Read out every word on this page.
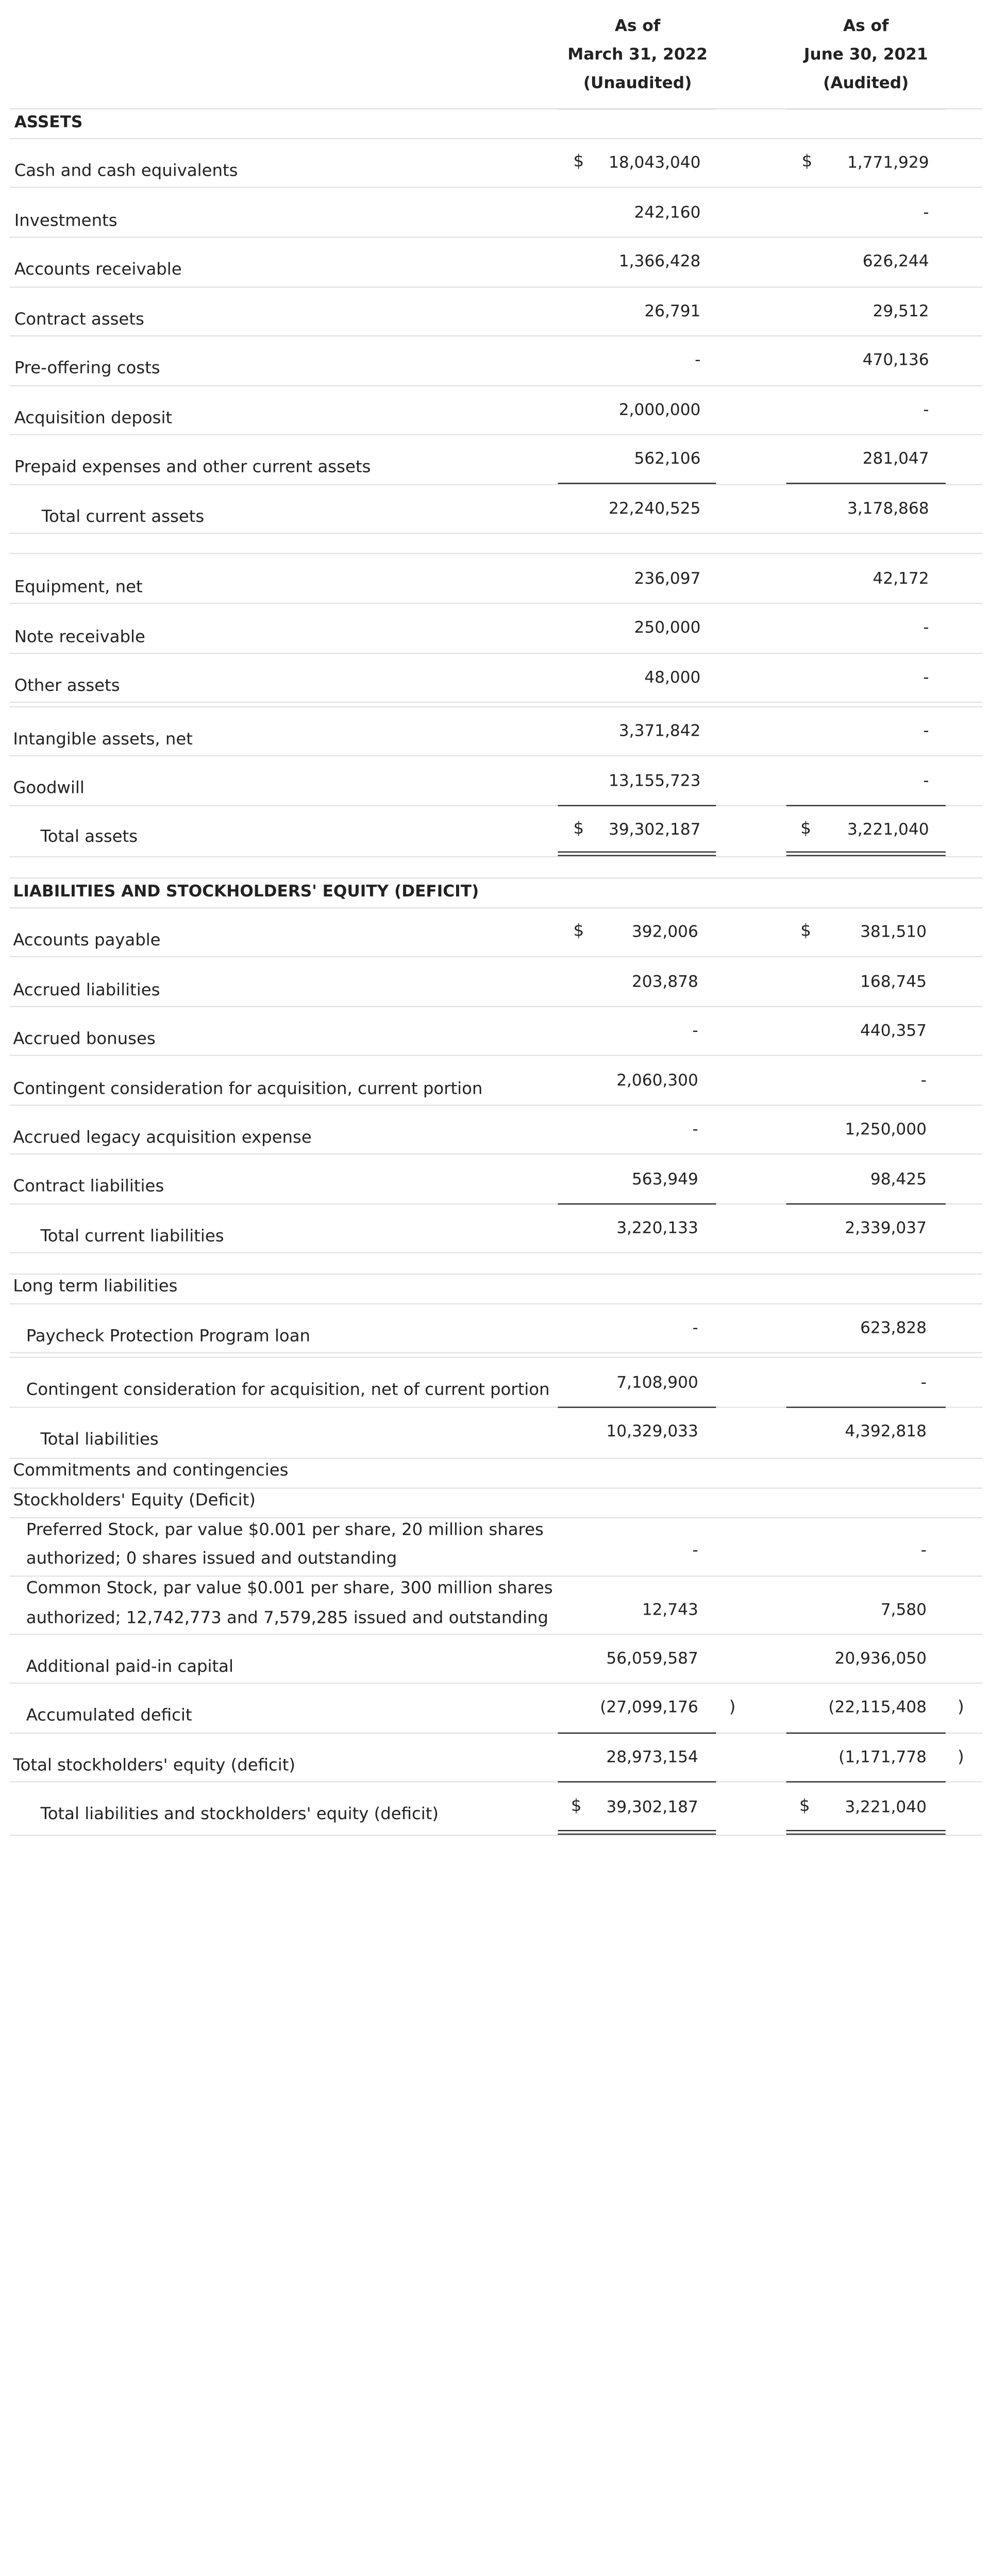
As of
March 31, 2022
(Unaudited)
As of
June 30, 2021
(Audited)
ASSETS
Cash and cash equivalents	$	18,043,040	$	1,771,929
Investments	242,160	-
Accounts receivable	1,366,428	626,244
Contract assets	26,791	29,512
Pre-offering costs	-	470,136
Acquisition deposit	2,000,000	-
Prepaid expenses and other current assets	562,106	281,047
Total current assets	22,240,525	3,178,868
Equipment, net	236,097	42,172
Note receivable	250,000	-
Other assets	48,000	-
Intangible assets, net	3,371,842	-
Goodwill	13,155,723	-
Total assets	$	39,302,187	$	3,221,040
LIABILITIES AND STOCKHOLDERS' EQUITY (DEFICIT)
Accounts payable	$	392,006	$	381,510
Accrued liabilities	203,878	168,745
Accrued bonuses	-	440,357
Contingent consideration for acquisition, current portion	2,060,300	-
Accrued legacy acquisition expense	-	1,250,000
Contract liabilities	563,949	98,425
Total current liabilities	3,220,133	2,339,037
Long term liabilities
Paycheck Protection Program loan	-	623,828
Contingent consideration for acquisition, net of current portion	7,108,900	-
Total liabilities	10,329,033	4,392,818
Commitments and contingencies
Stockholders' Equity (Deficit)
Preferred Stock, par value $0.001 per share, 20 million shares
authorized; 0 shares issued and outstanding	-	-
Common Stock, par value $0.001 per share, 300 million shares
authorized; 12,742,773 and 7,579,285 issued and outstanding	12,743	7,580
Additional paid-in capital	56,059,587	20,936,050
Accumulated deficit	(27,099,176	)	(22,115,408	)
Total stockholders' equity (deficit)	28,973,154	(1,171,778	)
Total liabilities and stockholders' equity (deficit)	$	39,302,187	$	3,221,040
